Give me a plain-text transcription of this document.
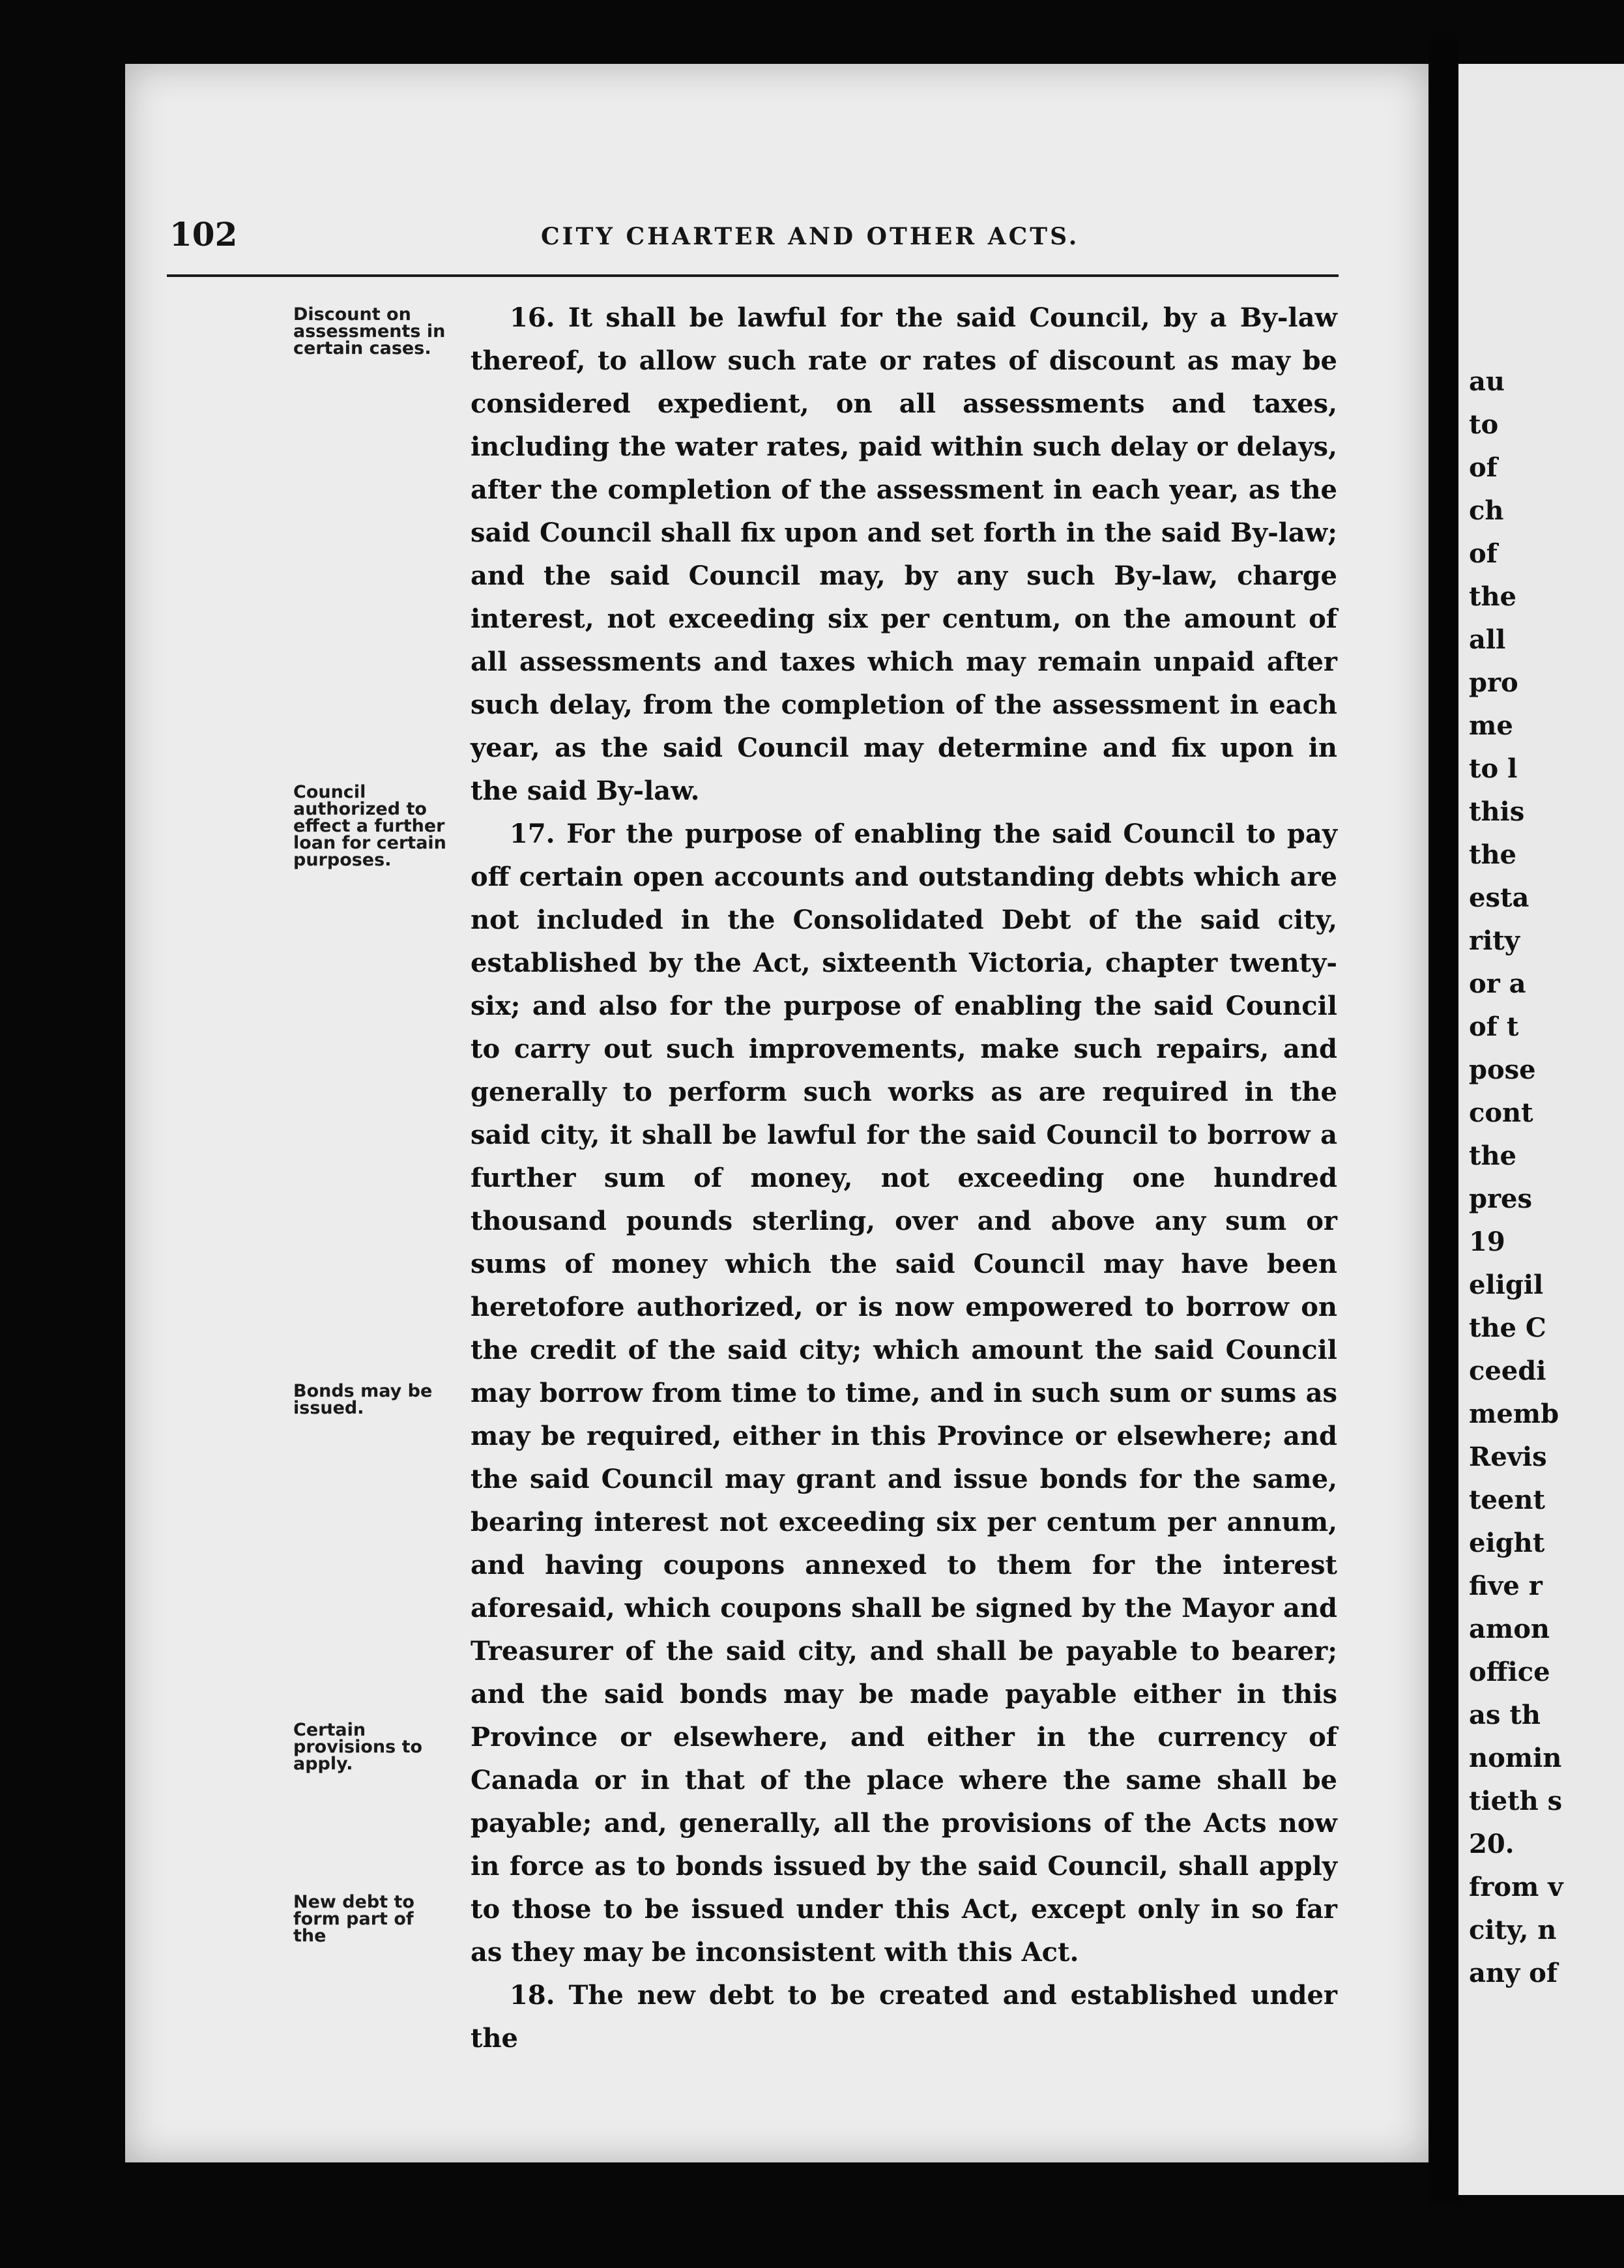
au
to
of
ch
of
the
all
pro
me
to l
this
the
esta
rity
or a
of t
pose
cont
the
pres
19
eligil
the C
ceedi
memb
Revis
teent
eight
five r
amon
office
as th
nomin
tieth s
20.
from v
city, n
any of
102	CITY CHARTER AND OTHER ACTS.
Discount on assessments in certain cases.
Council authorized to effect a further loan for certain purposes.
Bonds may be issued.
Certain provisions to apply.
New debt to form part of the

16. It shall be lawful for the said Council, by a By-law thereof, to allow such rate or rates of discount as may be considered expedient, on all assessments and taxes, including the water rates, paid within such delay or delays, after the completion of the assessment in each year, as the said Council shall fix upon and set forth in the said By-law; and the said Council may, by any such By-law, charge interest, not exceeding six per centum, on the amount of all assessments and taxes which may remain unpaid after such delay, from the completion of the assessment in each year, as the said Council may determine and fix upon in the said By-law.

17. For the purpose of enabling the said Council to pay off certain open accounts and outstanding debts which are not included in the Consolidated Debt of the said city, established by the Act, sixteenth Victoria, chapter twenty-six; and also for the purpose of enabling the said Council to carry out such improvements, make such repairs, and generally to perform such works as are required in the said city, it shall be lawful for the said Council to borrow a further sum of money, not exceeding one hundred thousand pounds sterling, over and above any sum or sums of money which the said Council may have been heretofore authorized, or is now empowered to borrow on the credit of the said city; which amount the said Council may borrow from time to time, and in such sum or sums as may be required, either in this Province or elsewhere; and the said Council may grant and issue bonds for the same, bearing interest not exceeding six per centum per annum, and having coupons annexed to them for the interest aforesaid, which coupons shall be signed by the Mayor and Treasurer of the said city, and shall be payable to bearer; and the said bonds may be made payable either in this Province or elsewhere, and either in the currency of Canada or in that of the place where the same shall be payable; and, generally, all the provisions of the Acts now in force as to bonds issued by the said Council, shall apply to those to be issued under this Act, except only in so far as they may be inconsistent with this Act.

18. The new debt to be created and established under the
